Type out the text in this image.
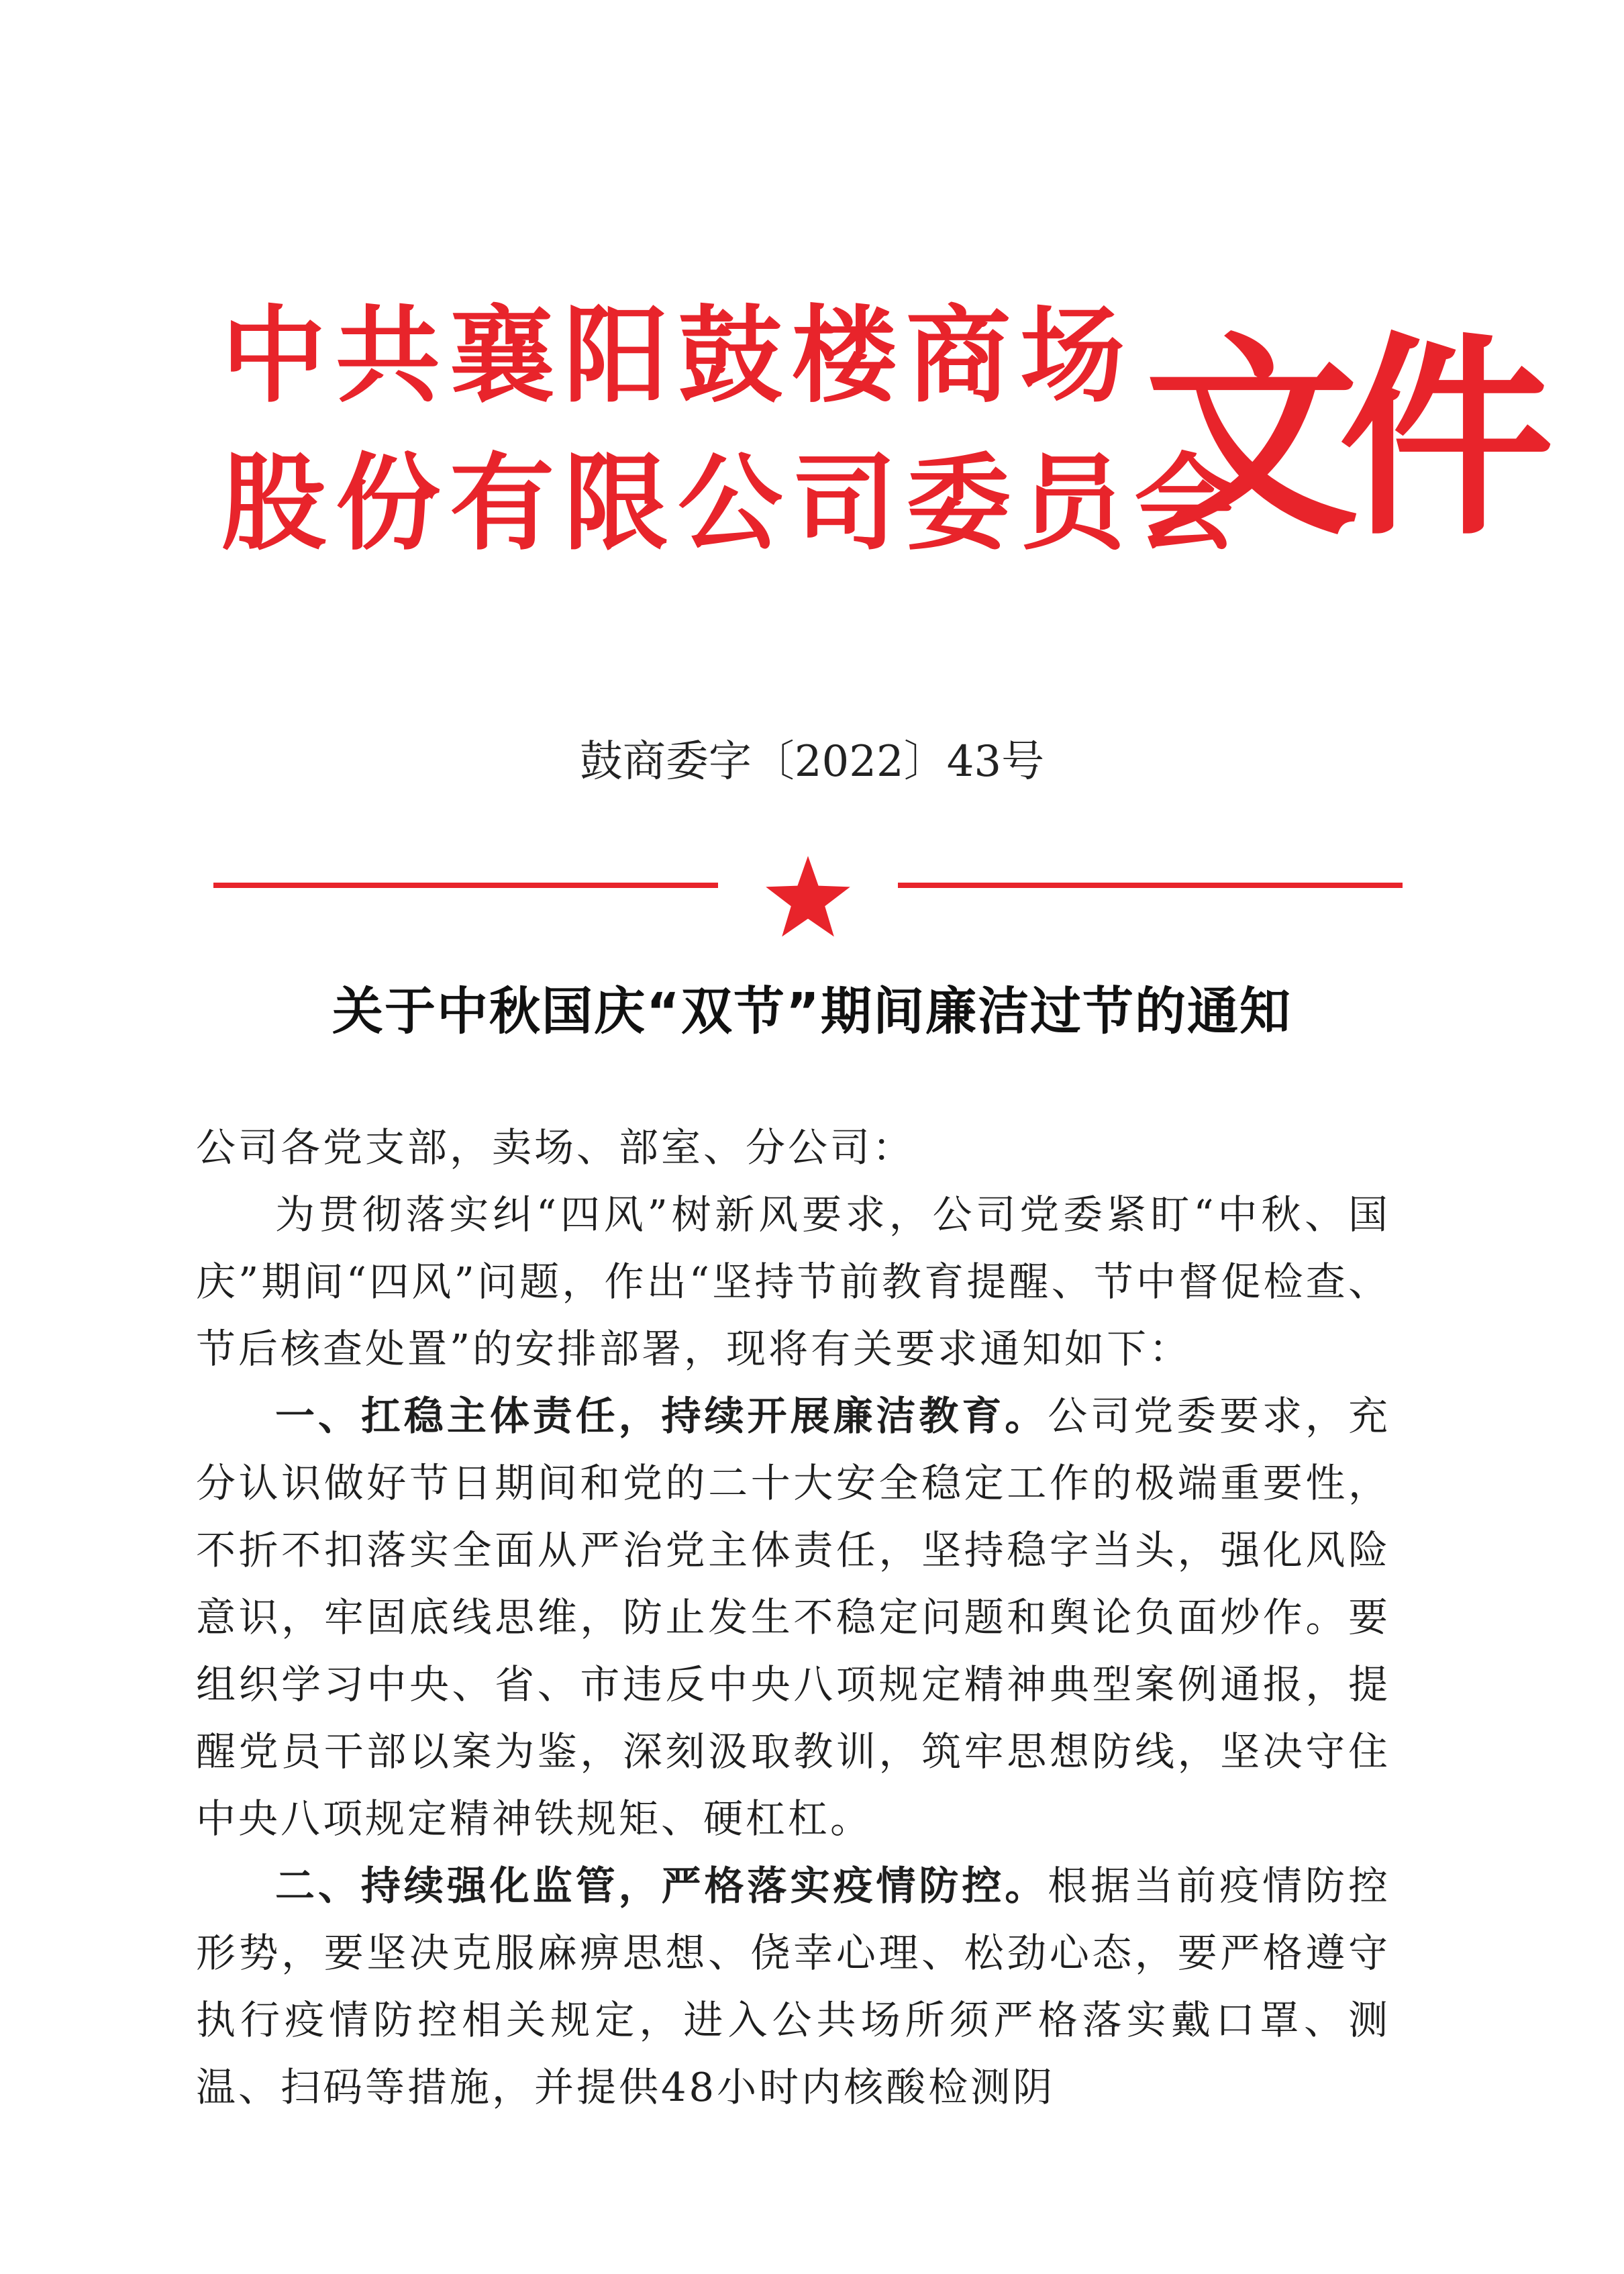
中共襄阳鼓楼商场
股份有限公司委员会
文件
鼓商委字〔2022〕43号
关于中秋国庆“双节”期间廉洁过节的通知

公司各党支部，卖场、部室、分公司：

为贯彻落实纠“四风”树新风要求，公司党委紧盯“中秋、国庆”期间“四风”问题，作出“坚持节前教育提醒、节中督促检查、节后核查处置”的安排部署，现将有关要求通知如下：

一、扛稳主体责任，持续开展廉洁教育。公司党委要求，充分认识做好节日期间和党的二十大安全稳定工作的极端重要性，不折不扣落实全面从严治党主体责任，坚持稳字当头，强化风险意识，牢固底线思维，防止发生不稳定问题和舆论负面炒作。要组织学习中央、省、市违反中央八项规定精神典型案例通报，提醒党员干部以案为鉴，深刻汲取教训，筑牢思想防线，坚决守住中央八项规定精神铁规矩、硬杠杠。

二、持续强化监管，严格落实疫情防控。根据当前疫情防控形势，要坚决克服麻痹思想、侥幸心理、松劲心态，要严格遵守执行疫情防控相关规定，进入公共场所须严格落实戴口罩、测温、扫码等措施，并提供48小时内核酸检测阴
